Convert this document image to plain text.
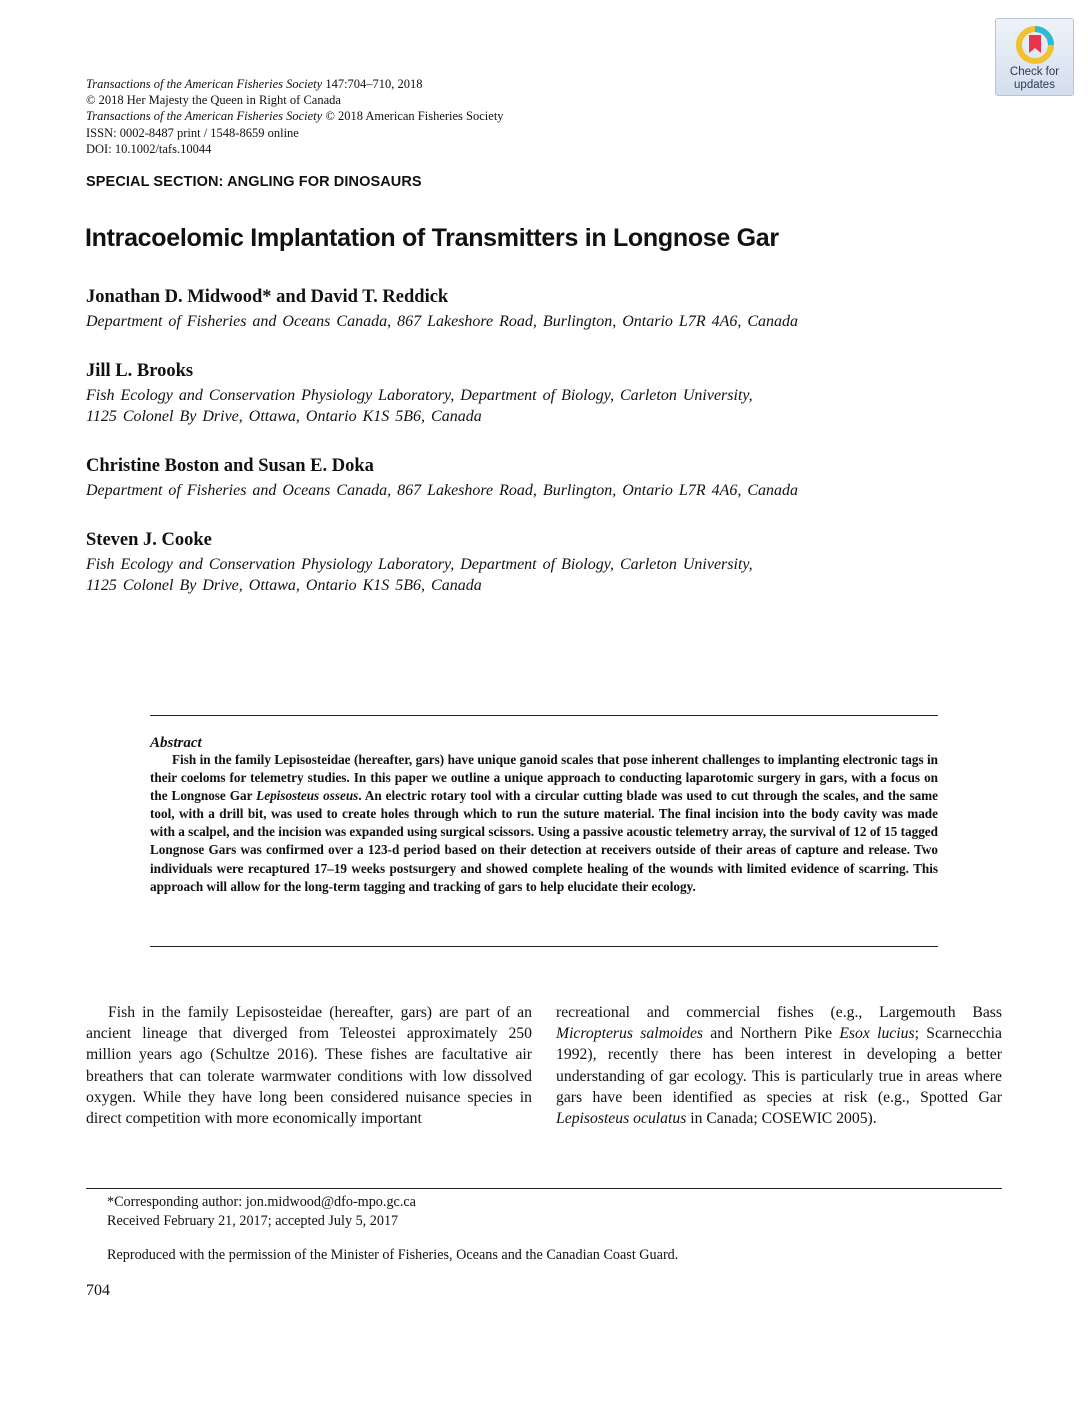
Transactions of the American Fisheries Society 147:704–710, 2018
© 2018 Her Majesty the Queen in Right of Canada
Transactions of the American Fisheries Society © 2018 American Fisheries Society
ISSN: 0002-8487 print / 1548-8659 online
DOI: 10.1002/tafs.10044
Check for
updates
SPECIAL SECTION: ANGLING FOR DINOSAURS
Intracoelomic Implantation of Transmitters in Longnose Gar
Jonathan D. Midwood* and David T. Reddick
Department of Fisheries and Oceans Canada, 867 Lakeshore Road, Burlington, Ontario L7R 4A6, Canada
Jill L. Brooks
Fish Ecology and Conservation Physiology Laboratory, Department of Biology, Carleton University,
1125 Colonel By Drive, Ottawa, Ontario K1S 5B6, Canada
Christine Boston and Susan E. Doka
Department of Fisheries and Oceans Canada, 867 Lakeshore Road, Burlington, Ontario L7R 4A6, Canada
Steven J. Cooke
Fish Ecology and Conservation Physiology Laboratory, Department of Biology, Carleton University,
1125 Colonel By Drive, Ottawa, Ontario K1S 5B6, Canada
Abstract

Fish in the family Lepisosteidae (hereafter, gars) have unique ganoid scales that pose inherent challenges to implanting electronic tags in their coeloms for telemetry studies. In this paper we outline a unique approach to conducting laparotomic surgery in gars, with a focus on the Longnose Gar Lepisosteus osseus. An electric rotary tool with a circular cutting blade was used to cut through the scales, and the same tool, with a drill bit, was used to create holes through which to run the suture material. The final incision into the body cavity was made with a scalpel, and the incision was expanded using surgical scissors. Using a passive acoustic telemetry array, the survival of 12 of 15 tagged Longnose Gars was confirmed over a 123-d period based on their detection at receivers outside of their areas of capture and release. Two individuals were recaptured 17–19 weeks postsurgery and showed complete healing of the wounds with limited evidence of scarring. This approach will allow for the long-term tagging and tracking of gars to help elucidate their ecology.

Fish in the family Lepisosteidae (hereafter, gars) are part of an ancient lineage that diverged from Teleostei approximately 250 million years ago (Schultze 2016). These fishes are facultative air breathers that can tolerate warmwater conditions with low dissolved oxygen. While they have long been considered nuisance species in direct competition with more economically important

recreational and commercial fishes (e.g., Largemouth Bass Micropterus salmoides and Northern Pike Esox lucius; Scarnecchia 1992), recently there has been interest in developing a better understanding of gar ecology. This is particularly true in areas where gars have been identified as species at risk (e.g., Spotted Gar Lepisosteus oculatus in Canada; COSEWIC 2005).

*Corresponding author: jon.midwood@dfo-mpo.gc.ca
Received February 21, 2017; accepted July 5, 2017
Reproduced with the permission of the Minister of Fisheries, Oceans and the Canadian Coast Guard.
704
